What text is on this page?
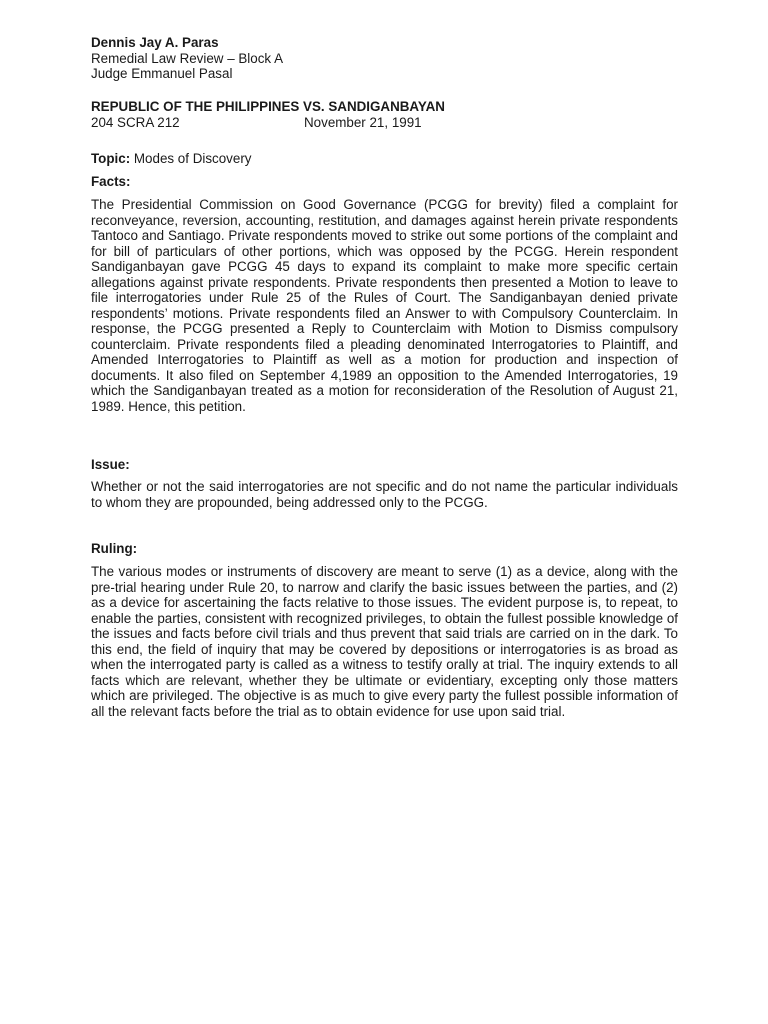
Dennis Jay A. Paras
Remedial Law Review – Block A
Judge Emmanuel Pasal
REPUBLIC OF THE PHILIPPINES VS. SANDIGANBAYAN
204 SCRA 212	November 21, 1991
Topic: Modes of Discovery
Facts:

The Presidential Commission on Good Governance (PCGG for brevity) filed a complaint for reconveyance, reversion, accounting, restitution, and damages against herein private respondents Tantoco and Santiago. Private respondents moved to strike out some portions of the complaint and for bill of particulars of other portions, which was opposed by the PCGG. Herein respondent Sandiganbayan gave PCGG 45 days to expand its complaint to make more specific certain allegations against private respondents. Private respondents then presented a Motion to leave to file interrogatories under Rule 25 of the Rules of Court. The Sandiganbayan denied private respondents’ motions. Private respondents filed an Answer to with Compulsory Counterclaim. In response, the PCGG presented a Reply to Counterclaim with Motion to Dismiss compulsory counterclaim. Private respondents filed a pleading denominated Interrogatories to Plaintiff, and Amended Interrogatories to Plaintiff as well as a motion for production and inspection of documents. It also filed on September 4,1989 an opposition to the Amended Interrogatories, 19 which the Sandiganbayan treated as a motion for reconsideration of the Resolution of August 21, 1989. Hence, this petition.

Issue:

Whether or not the said interrogatories are not specific and do not name the particular individuals to whom they are propounded, being addressed only to the PCGG.

Ruling:

The various modes or instruments of discovery are meant to serve (1) as a device, along with the pre-trial hearing under Rule 20, to narrow and clarify the basic issues between the parties, and (2) as a device for ascertaining the facts relative to those issues. The evident purpose is, to repeat, to enable the parties, consistent with recognized privileges, to obtain the fullest possible knowledge of the issues and facts before civil trials and thus prevent that said trials are carried on in the dark. To this end, the field of inquiry that may be covered by depositions or interrogatories is as broad as when the interrogated party is called as a witness to testify orally at trial. The inquiry extends to all facts which are relevant, whether they be ultimate or evidentiary, excepting only those matters which are privileged. The objective is as much to give every party the fullest possible information of all the relevant facts before the trial as to obtain evidence for use upon said trial.
